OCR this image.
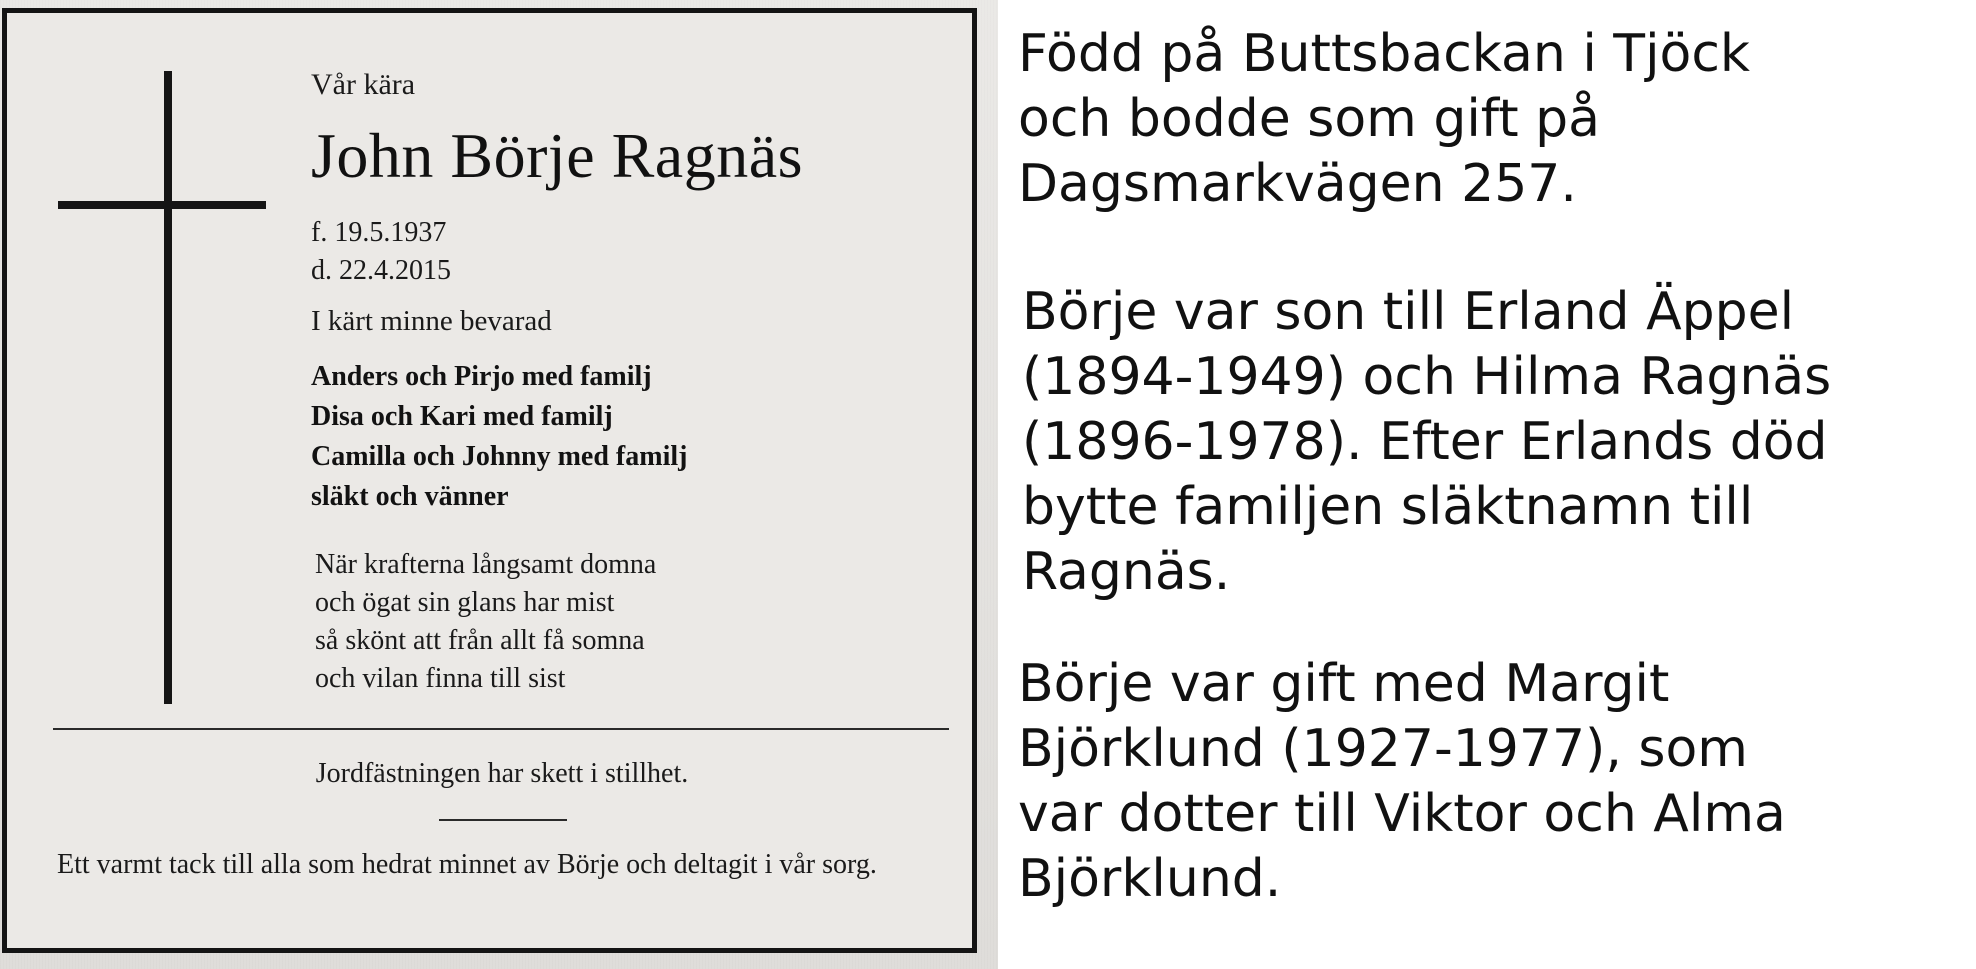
Vår kära
John Börje Ragnäs
f. 19.5.1937
d. 22.4.2015
I kärt minne bevarad
Anders och Pirjo med familj
Disa och Kari med familj
Camilla och Johnny med familj
släkt och vänner
När krafterna långsamt domna
och ögat sin glans har mist
så skönt att från allt få somna
och vilan finna till sist
Jordfästningen har skett i stillhet.
Ett varmt tack till alla som hedrat minnet av Börje och deltagit i vår sorg.
Född på Buttsbackan i Tjöck
och bodde som gift på
Dagsmarkvägen 257.
Börje var son till Erland Äppel
(1894-1949) och Hilma Ragnäs
(1896-1978). Efter Erlands död
bytte familjen släktnamn till
Ragnäs.
Börje var gift med Margit
Björklund (1927-1977), som
var dotter till Viktor och Alma
Björklund.
